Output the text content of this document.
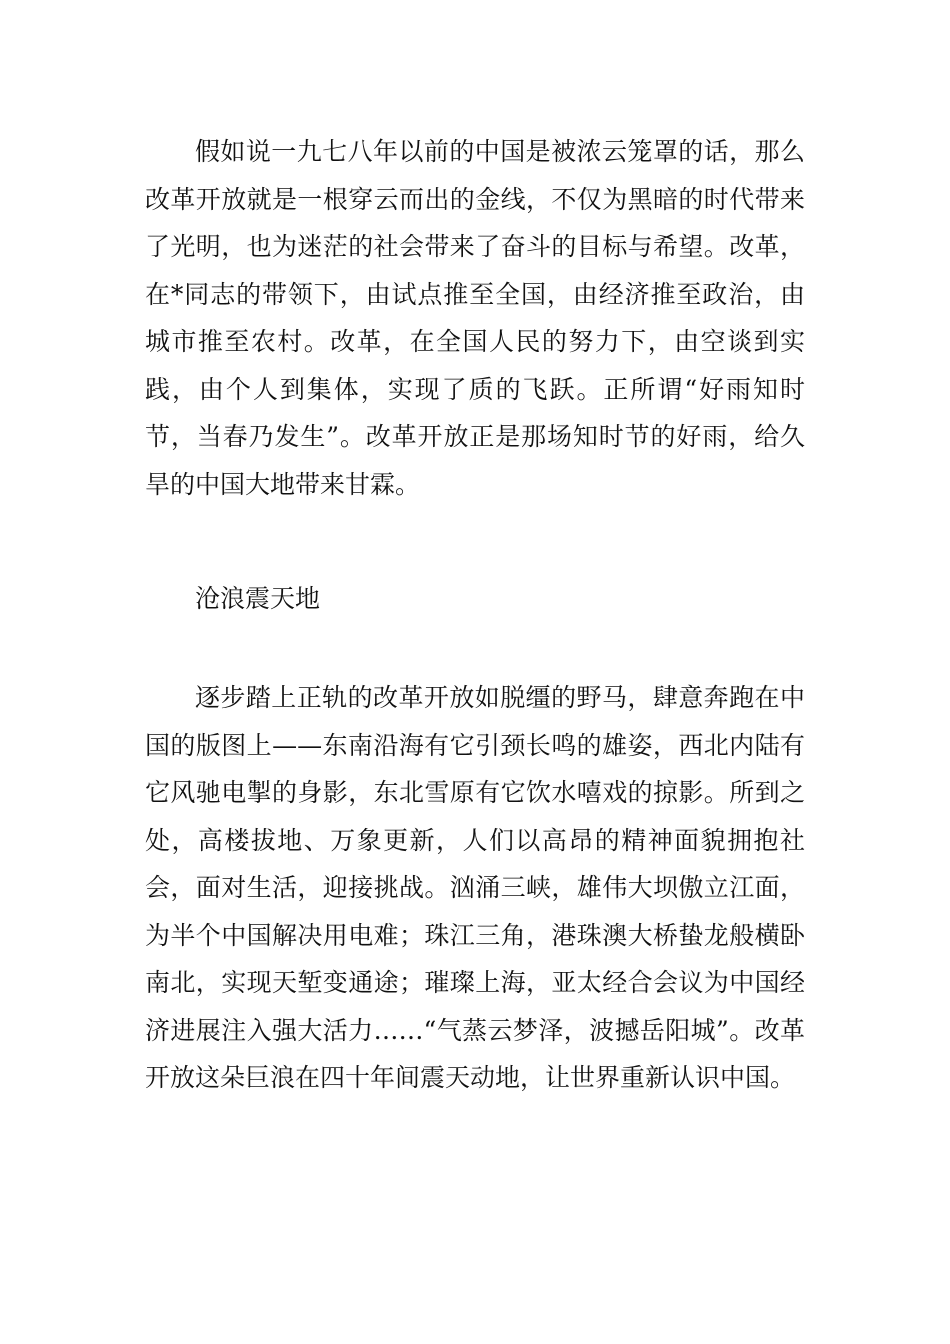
假如说一九七八年以前的中国是被浓云笼罩的话，那么改革开放就是一根穿云而出的金线，不仅为黑暗的时代带来了光明，也为迷茫的社会带来了奋斗的目标与希望。改革，在*同志的带领下，由试点推至全国，由经济推至政治，由城市推至农村。改革，在全国人民的努力下，由空谈到实践，由个人到集体，实现了质的飞跃。正所谓“好雨知时节，当春乃发生”。改革开放正是那场知时节的好雨，给久旱的中国大地带来甘霖。

沧浪震天地

逐步踏上正轨的改革开放如脱缰的野马，肆意奔跑在中国的版图上——东南沿海有它引颈长鸣的雄姿，西北内陆有它风驰电掣的身影，东北雪原有它饮水嘻戏的掠影。所到之处，高楼拔地、万象更新，人们以高昂的精神面貌拥抱社会，面对生活，迎接挑战。汹涌三峡，雄伟大坝傲立江面，为半个中国解决用电难；珠江三角，港珠澳大桥蛰龙般横卧南北，实现天堑变通途；璀璨上海，亚太经合会议为中国经济进展注入强大活力……“气蒸云梦泽，波撼岳阳城”。改革开放这朵巨浪在四十年间震天动地，让世界重新认识中国。
